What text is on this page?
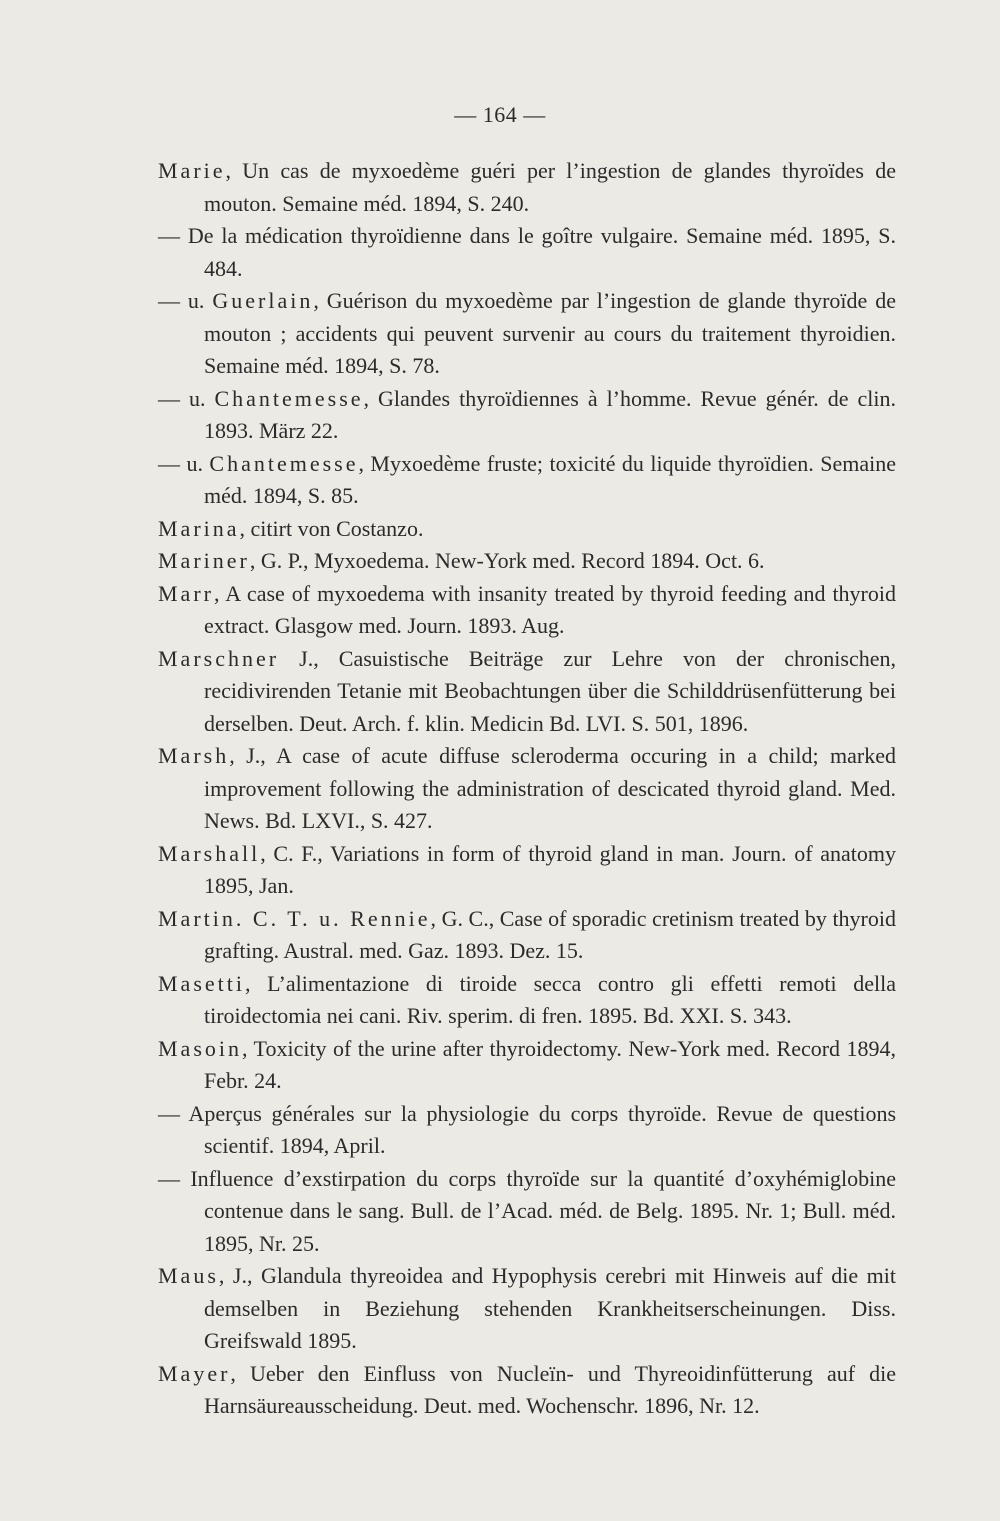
— 164 —

Marie, Un cas de myxoedème guéri per l’ingestion de glandes thyroïdes de mouton. Semaine méd. 1894, S. 240.

— De la médication thyroïdienne dans le goître vulgaire. Semaine méd. 1895, S. 484.

— u. Guerlain, Guérison du myxoedème par l’ingestion de glande thyroïde de mouton ; accidents qui peuvent survenir au cours du traitement thyroidien. Semaine méd. 1894, S. 78.

— u. Chantemesse, Glandes thyroïdiennes à l’homme. Revue génér. de clin. 1893. März 22.

— u. Chantemesse, Myxoedème fruste; toxicité du liquide thyroïdien. Semaine méd. 1894, S. 85.

Marina, citirt von Costanzo.

Mariner, G. P., Myxoedema. New-York med. Record 1894. Oct. 6.

Marr, A case of myxoedema with insanity treated by thyroid feeding and thyroid extract. Glasgow med. Journ. 1893. Aug.

Marschner J., Casuistische Beiträge zur Lehre von der chronischen, recidivirenden Tetanie mit Beobachtungen über die Schilddrüsenfütterung bei derselben. Deut. Arch. f. klin. Medicin Bd. LVI. S. 501, 1896.

Marsh, J., A case of acute diffuse scleroderma occuring in a child; marked improvement following the administration of descicated thyroid gland. Med. News. Bd. LXVI., S. 427.

Marshall, C. F., Variations in form of thyroid gland in man. Journ. of anatomy 1895, Jan.

Martin. C. T. u. Rennie, G. C., Case of sporadic cretinism treated by thyroid grafting. Austral. med. Gaz. 1893. Dez. 15.

Masetti, L’alimentazione di tiroide secca contro gli effetti remoti della tiroidectomia nei cani. Riv. sperim. di fren. 1895. Bd. XXI. S. 343.

Masoin, Toxicity of the urine after thyroidectomy. New-York med. Record 1894, Febr. 24.

— Aperçus générales sur la physiologie du corps thyroïde. Revue de questions scientif. 1894, April.

— Influence d’exstirpation du corps thyroïde sur la quantité d’oxyhémiglobine contenue dans le sang. Bull. de l’Acad. méd. de Belg. 1895. Nr. 1; Bull. méd. 1895, Nr. 25.

Maus, J., Glandula thyreoidea and Hypophysis cerebri mit Hinweis auf die mit demselben in Beziehung stehenden Krankheitserscheinungen. Diss. Greifswald 1895.

Mayer, Ueber den Einfluss von Nucleïn- und Thyreoidinfütterung auf die Harnsäureausscheidung. Deut. med. Wochenschr. 1896, Nr. 12.
